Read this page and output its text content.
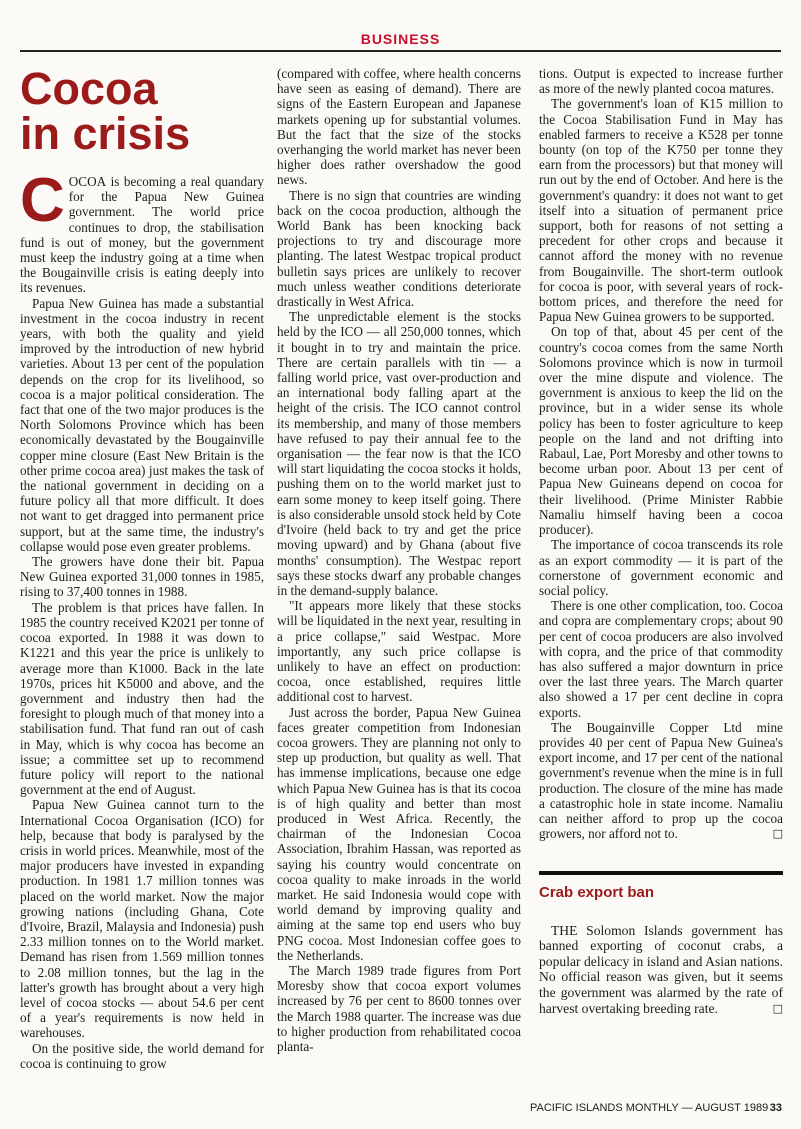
BUSINESS
Cocoa
in crisis

COCOA is becoming a real quandary for the Papua New Guinea government. The world price continues to drop, the stabilisation fund is out of money, but the government must keep the industry going at a time when the Bougainville crisis is eating deeply into its revenues.

Papua New Guinea has made a substantial investment in the cocoa industry in recent years, with both the quality and yield improved by the introduction of new hybrid varieties. About 13 per cent of the population depends on the crop for its livelihood, so cocoa is a major political consideration. The fact that one of the two major produces is the North Solomons Province which has been economically devastated by the Bougainville copper mine closure (East New Britain is the other prime cocoa area) just makes the task of the national government in deciding on a future policy all that more difficult. It does not want to get dragged into permanent price support, but at the same time, the industry's collapse would pose even greater problems.

The growers have done their bit. Papua New Guinea exported 31,000 tonnes in 1985, rising to 37,400 tonnes in 1988.

The problem is that prices have fallen. In 1985 the country received K2021 per tonne of cocoa exported. In 1988 it was down to K1221 and this year the price is unlikely to average more than K1000. Back in the late 1970s, prices hit K5000 and above, and the government and industry then had the foresight to plough much of that money into a stabilisation fund. That fund ran out of cash in May, which is why cocoa has become an issue; a committee set up to recommend future policy will report to the national government at the end of August.

Papua New Guinea cannot turn to the International Cocoa Organisation (ICO) for help, because that body is paralysed by the crisis in world prices. Meanwhile, most of the major producers have invested in expanding production. In 1981 1.7 million tonnes was placed on the world market. Now the major growing nations (including Ghana, Cote d'Ivoire, Brazil, Malaysia and Indonesia) push 2.33 million tonnes on to the World market. Demand has risen from 1.569 million tonnes to 2.08 million tonnes, but the lag in the latter's growth has brought about a very high level of cocoa stocks — about 54.6 per cent of a year's requirements is now held in warehouses.

On the positive side, the world demand for cocoa is continuing to grow

(compared with coffee, where health concerns have seen as easing of demand). There are signs of the Eastern European and Japanese markets opening up for substantial volumes. But the fact that the size of the stocks overhanging the world market has never been higher does rather overshadow the good news.

There is no sign that countries are winding back on the cocoa production, although the World Bank has been knocking back projections to try and discourage more planting. The latest Westpac tropical product bulletin says prices are unlikely to recover much unless weather conditions deteriorate drastically in West Africa.

The unpredictable element is the stocks held by the ICO — all 250,000 tonnes, which it bought in to try and maintain the price. There are certain parallels with tin — a falling world price, vast over-production and an international body falling apart at the height of the crisis. The ICO cannot control its membership, and many of those members have refused to pay their annual fee to the organisation — the fear now is that the ICO will start liquidating the cocoa stocks it holds, pushing them on to the world market just to earn some money to keep itself going. There is also considerable unsold stock held by Cote d'Ivoire (held back to try and get the price moving upward) and by Ghana (about five months' consumption). The Westpac report says these stocks dwarf any probable changes in the demand-supply balance.

"It appears more likely that these stocks will be liquidated in the next year, resulting in a price collapse," said Westpac. More importantly, any such price collapse is unlikely to have an effect on production: cocoa, once established, requires little additional cost to harvest.

Just across the border, Papua New Guinea faces greater competition from Indonesian cocoa growers. They are planning not only to step up production, but quality as well. That has immense implications, because one edge which Papua New Guinea has is that its cocoa is of high quality and better than most produced in West Africa. Recently, the chairman of the Indonesian Cocoa Association, Ibrahim Hassan, was reported as saying his country would concentrate on cocoa quality to make inroads in the world market. He said Indonesia would cope with world demand by improving quality and aiming at the same top end users who buy PNG cocoa. Most Indonesian coffee goes to the Netherlands.

The March 1989 trade figures from Port Moresby show that cocoa export volumes increased by 76 per cent to 8600 tonnes over the March 1988 quarter. The increase was due to higher production from rehabilitated cocoa planta-

tions. Output is expected to increase further as more of the newly planted cocoa matures.

The government's loan of K15 million to the Cocoa Stabilisation Fund in May has enabled farmers to receive a K528 per tonne bounty (on top of the K750 per tonne they earn from the processors) but that money will run out by the end of October. And here is the government's quandry: it does not want to get itself into a situation of permanent price support, both for reasons of not setting a precedent for other crops and because it cannot afford the money with no revenue from Bougainville. The short-term outlook for cocoa is poor, with several years of rock-bottom prices, and therefore the need for Papua New Guinea growers to be supported.

On top of that, about 45 per cent of the country's cocoa comes from the same North Solomons province which is now in turmoil over the mine dispute and violence. The government is anxious to keep the lid on the province, but in a wider sense its whole policy has been to foster agriculture to keep people on the land and not drifting into Rabaul, Lae, Port Moresby and other towns to become urban poor. About 13 per cent of Papua New Guineans depend on cocoa for their livelihood. (Prime Minister Rabbie Namaliu himself having been a cocoa producer).

The importance of cocoa transcends its role as an export commodity — it is part of the cornerstone of government economic and social policy.

There is one other complication, too. Cocoa and copra are complementary crops; about 90 per cent of cocoa producers are also involved with copra, and the price of that commodity has also suffered a major downturn in price over the last three years. The March quarter also showed a 17 per cent decline in copra exports.

The Bougainville Copper Ltd mine provides 40 per cent of Papua New Guinea's export income, and 17 per cent of the national government's revenue when the mine is in full production. The closure of the mine has made a catastrophic hole in state income. Namaliu can neither afford to prop up the cocoa growers, nor afford not to.	□

Crab export ban

THE Solomon Islands government has banned exporting of coconut crabs, a popular delicacy in island and Asian nations. No official reason was given, but it seems the government was alarmed by the rate of harvest overtaking breeding rate.	□

PACIFIC ISLANDS MONTHLY — AUGUST 1989 33
